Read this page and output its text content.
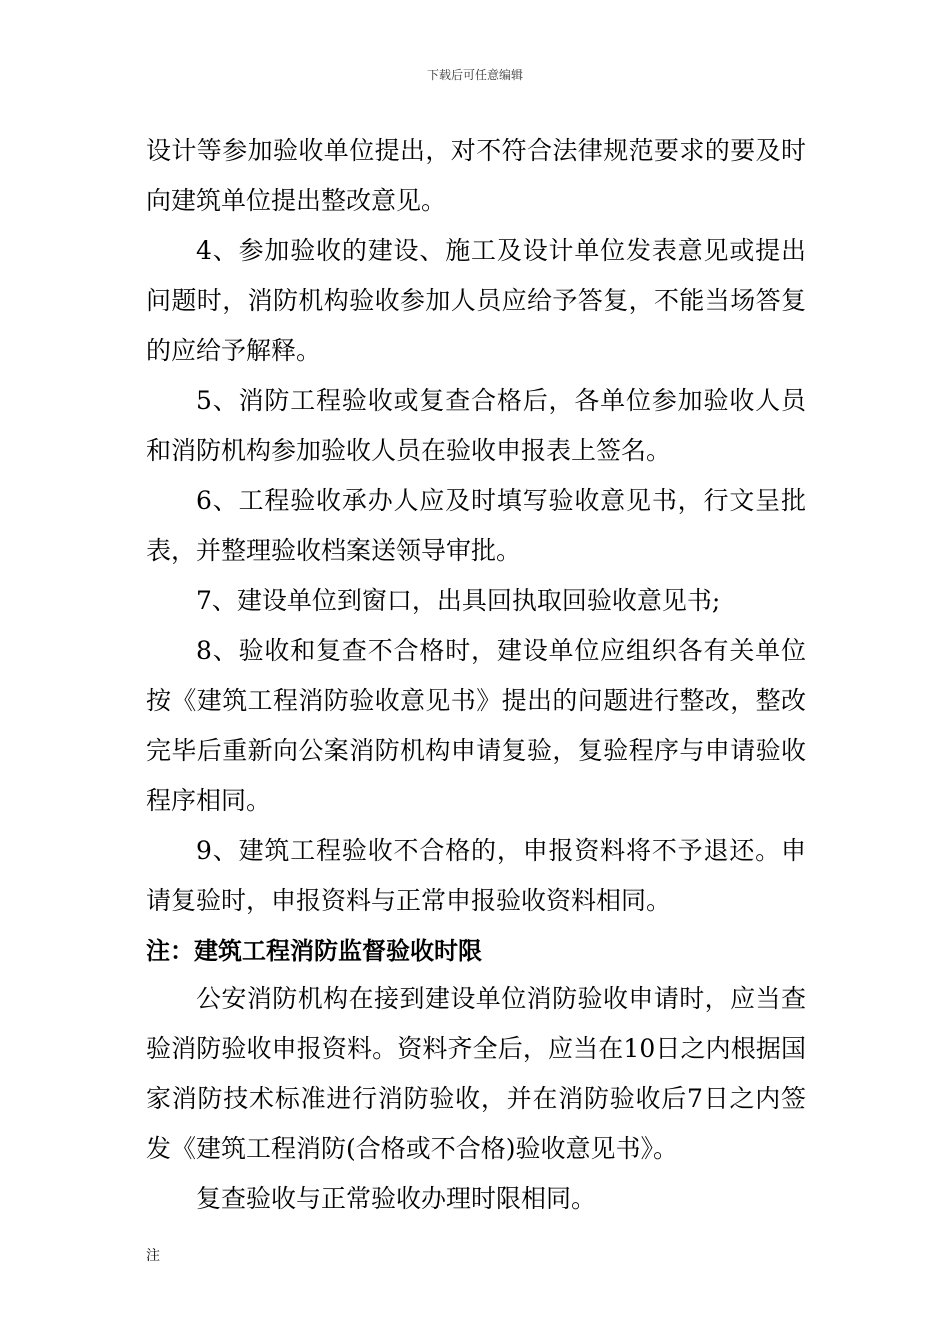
下载后可任意编辑

设计等参加验收单位提出，对不符合法律规范要求的要及时向建筑单位提出整改意见。

4、参加验收的建设、施工及设计单位发表意见或提出问题时，消防机构验收参加人员应给予答复，不能当场答复的应给予解释。

5、消防工程验收或复查合格后，各单位参加验收人员和消防机构参加验收人员在验收申报表上签名。

6、工程验收承办人应及时填写验收意见书，行文呈批表，并整理验收档案送领导审批。

7、建设单位到窗口，出具回执取回验收意见书;

8、验收和复查不合格时，建设单位应组织各有关单位按《建筑工程消防验收意见书》提出的问题进行整改，整改完毕后重新向公案消防机构申请复验，复验程序与申请验收程序相同。

9、建筑工程验收不合格的，申报资料将不予退还。申请复验时，申报资料与正常申报验收资料相同。

注：建筑工程消防监督验收时限

公安消防机构在接到建设单位消防验收申请时，应当查验消防验收申报资料。资料齐全后，应当在10日之内根据国家消防技术标准进行消防验收，并在消防验收后7日之内签发《建筑工程消防(合格或不合格)验收意见书》。

复查验收与正常验收办理时限相同。

注
